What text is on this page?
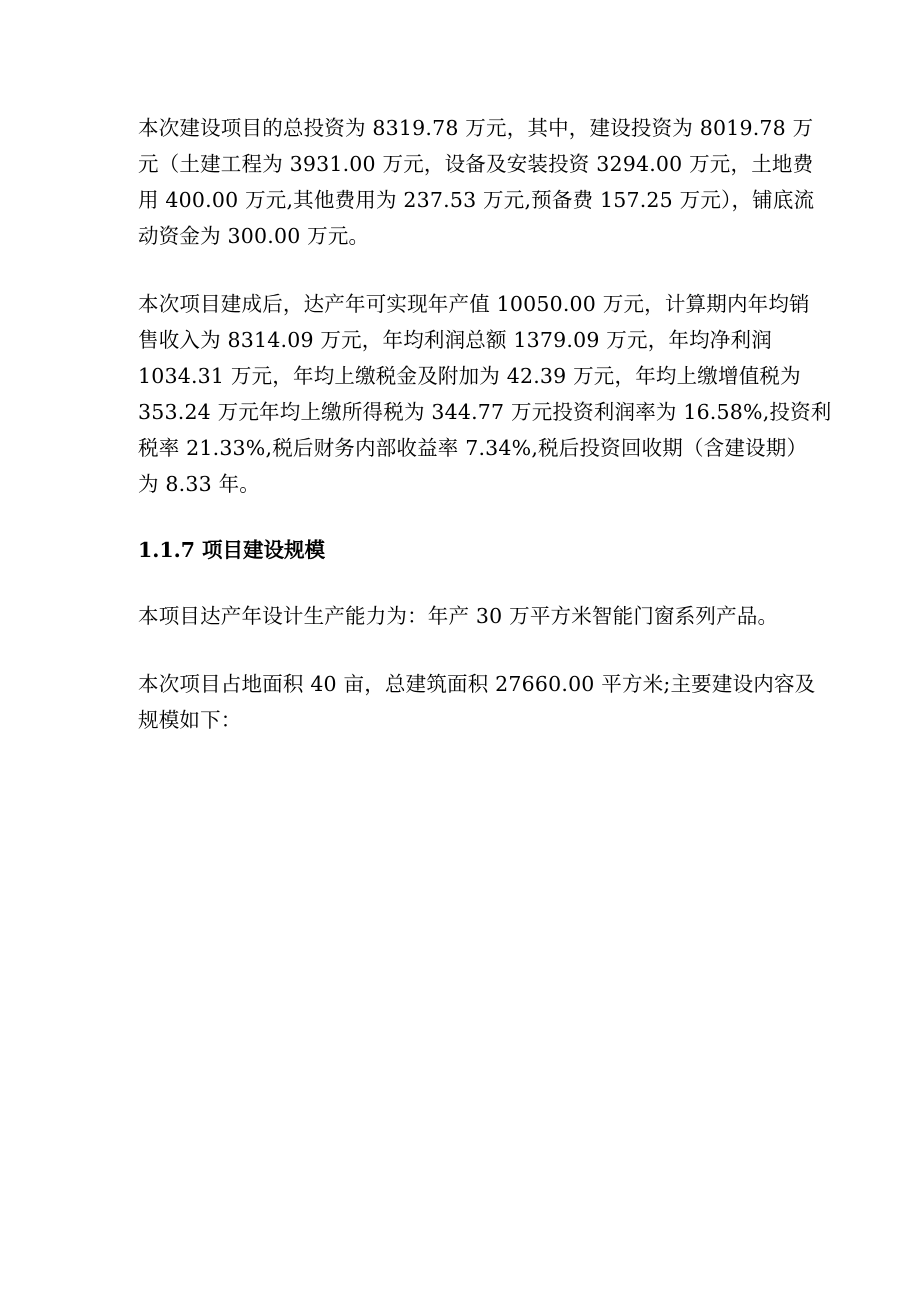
本次建设项目的总投资为 8319.78 万元，其中，建设投资为 8019.78 万
元（土建工程为 3931.00 万元，设备及安装投资 3294.00 万元，土地费
用 400.00 万元,其他费用为 237.53 万元,预备费 157.25 万元），铺底流
动资金为 300.00 万元。

本次项目建成后，达产年可实现年产值 10050.00 万元，计算期内年均销
售收入为 8314.09 万元，年均利润总额 1379.09 万元，年均净利润
1034.31 万元，年均上缴税金及附加为 42.39 万元，年均上缴增值税为
353.24 万元年均上缴所得税为 344.77 万元投资利润率为 16.58%,投资利
税率 21.33%,税后财务内部收益率 7.34%,税后投资回收期（含建设期）
为 8.33 年。

1.1.7 项目建设规模

本项目达产年设计生产能力为：年产 30 万平方米智能门窗系列产品。

本次项目占地面积 40 亩，总建筑面积 27660.00 平方米;主要建设内容及
规模如下：
